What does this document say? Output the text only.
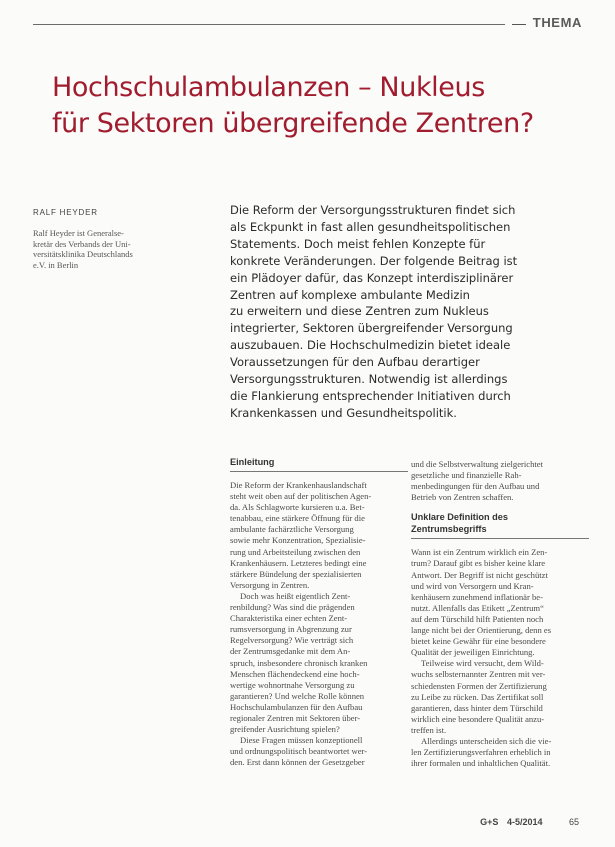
THEMA
Hochschulambulanzen – Nukleus
für Sektoren übergreifende Zentren?
RALF HEYDER
Ralf Heyder ist Generalse-
kretär des Verbands der Uni-
versitätsklinika Deutschlands
e.V. in Berlin
Die Reform der Versorgungsstrukturen findet sich
als Eckpunkt in fast allen gesundheitspolitischen
Statements. Doch meist fehlen Konzepte für
konkrete Veränderungen. Der folgende Beitrag ist
ein Plädoyer dafür, das Konzept interdisziplinärer
Zentren auf komplexe ambulante Medizin
zu erweitern und diese Zentren zum Nukleus
integrierter, Sektoren übergreifender Versorgung
auszubauen. Die Hochschulmedizin bietet ideale
Voraussetzungen für den Aufbau derartiger
Versorgungsstrukturen. Notwendig ist allerdings
die Flankierung entsprechender Initiativen durch
Krankenkassen und Gesundheitspolitik.
Einleitung
Die Reform der Krankenhauslandschaft
steht weit oben auf der politischen Agen-
da. Als Schlagworte kursieren u.a. Bet-
tenabbau, eine stärkere Öffnung für die
ambulante fachärztliche Versorgung
sowie mehr Konzentration, Spezialisie-
rung und Arbeitsteilung zwischen den
Krankenhäusern. Letzteres bedingt eine
stärkere Bündelung der spezialisierten
Versorgung in Zentren.
Doch was heißt eigentlich Zent-
renbildung? Was sind die prägenden
Charakteristika einer echten Zent-
rumsversorgung in Abgrenzung zur
Regelversorgung? Wie verträgt sich
der Zentrumsgedanke mit dem An-
spruch, insbesondere chronisch kranken
Menschen flächendeckend eine hoch-
wertige wohnortnahe Versorgung zu
garantieren? Und welche Rolle können
Hochschulambulanzen für den Aufbau
regionaler Zentren mit Sektoren über-
greifender Ausrichtung spielen?
Diese Fragen müssen konzeptionell
und ordnungspolitisch beantwortet wer-
den. Erst dann können der Gesetzgeber
und die Selbstverwaltung zielgerichtet
gesetzliche und finanzielle Rah-
menbedingungen für den Aufbau und
Betrieb von Zentren schaffen.
Unklare Definition des
Zentrumsbegriffs
Wann ist ein Zentrum wirklich ein Zen-
trum? Darauf gibt es bisher keine klare
Antwort. Der Begriff ist nicht geschützt
und wird von Versorgern und Kran-
kenhäusern zunehmend inflationär be-
nutzt. Allenfalls das Etikett „Zentrum“
auf dem Türschild hilft Patienten noch
lange nicht bei der Orientierung, denn es
bietet keine Gewähr für eine besondere
Qualität der jeweiligen Einrichtung.
Teilweise wird versucht, dem Wild-
wuchs selbsternannter Zentren mit ver-
schiedensten Formen der Zertifizierung
zu Leibe zu rücken. Das Zertifikat soll
garantieren, dass hinter dem Türschild
wirklich eine besondere Qualität anzu-
treffen ist.
Allerdings unterscheiden sich die vie-
len Zertifizierungsverfahren erheblich in
ihrer formalen und inhaltlichen Qualität.
G+S 4-5/2014	65
